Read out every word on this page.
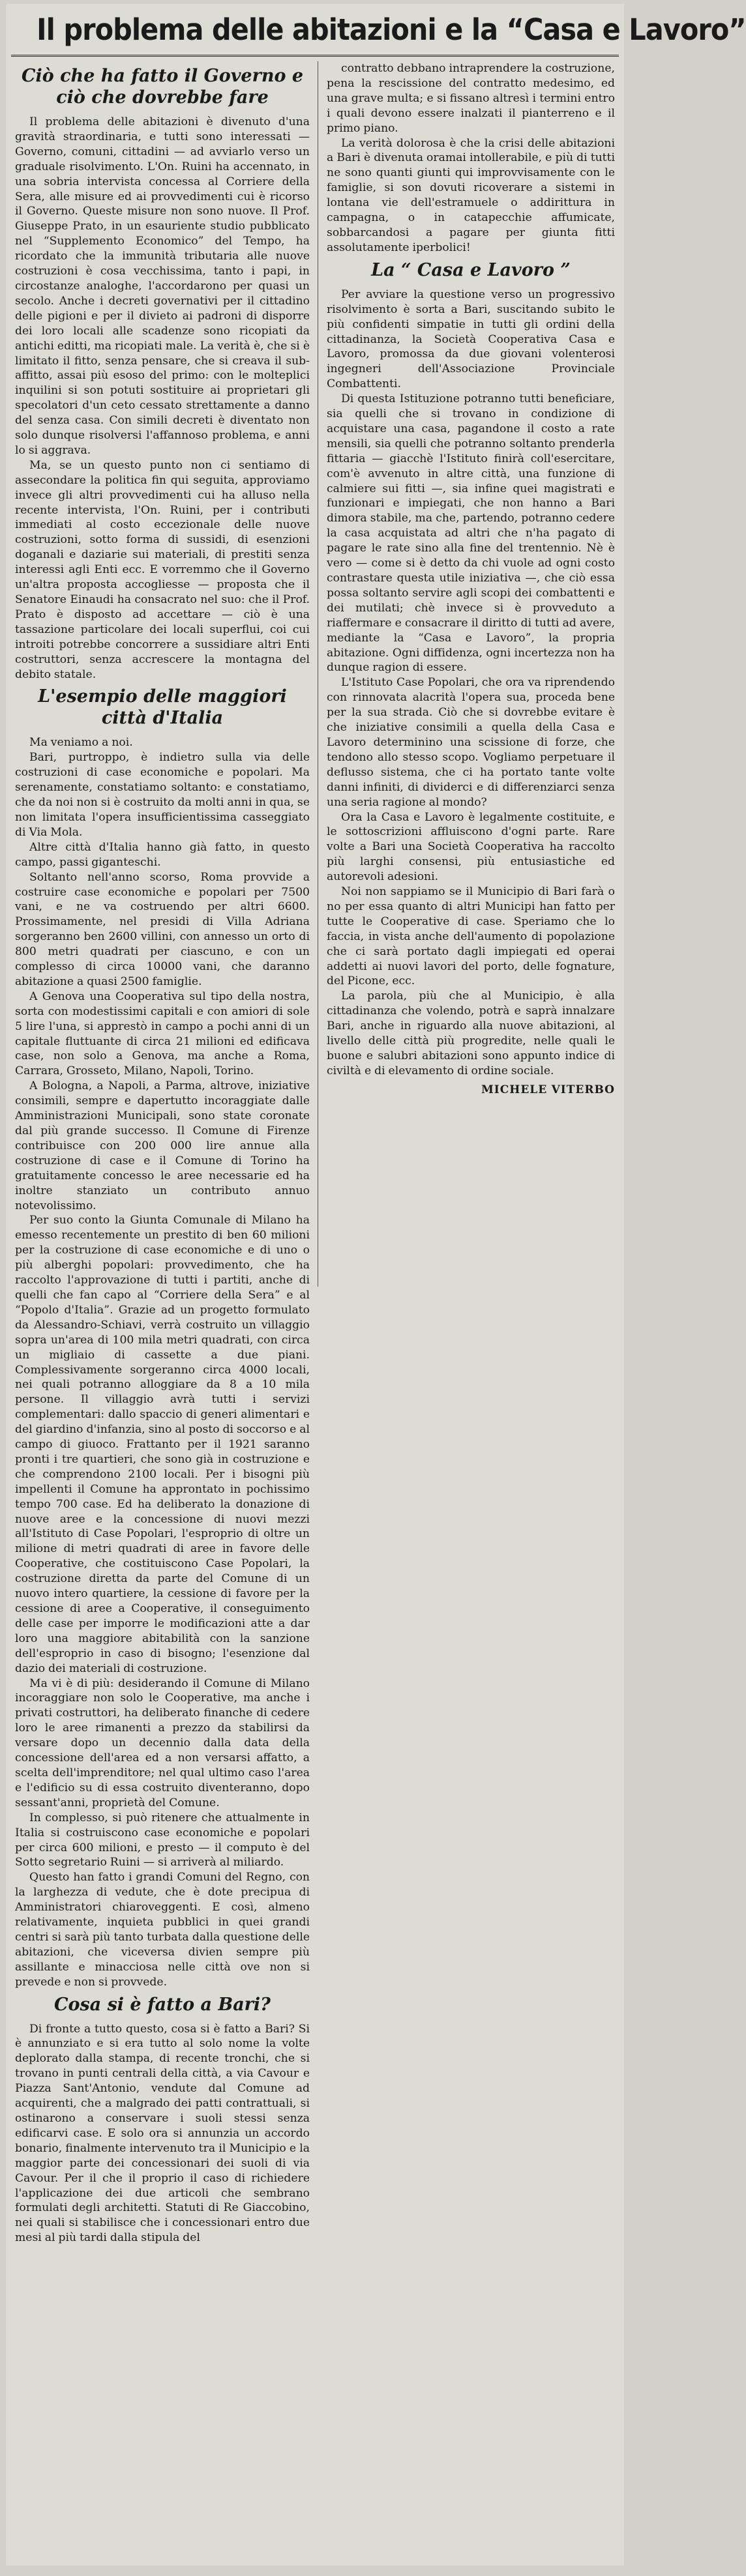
Il problema delle abitazioni e la “Casa e Lavoro”
Ciò che ha fatto il Governo e ciò che dovrebbe fare

Il problema delle abitazioni è divenuto d'una gravità straordinaria, e tutti sono interessati — Governo, comuni, cittadini — ad avviarlo verso un graduale risolvimento. L'On. Ruini ha accennato, in una sobria intervista concessa al Corriere della Sera, alle misure ed ai provvedimenti cui è ricorso il Governo. Queste misure non sono nuove. Il Prof. Giuseppe Prato, in un esauriente studio pubblicato nel “Supplemento Economico” del Tempo, ha ricordato che la immunità tributaria alle nuove costruzioni è cosa vecchissima, tanto i papi, in circostanze analoghe, l'accordarono per quasi un secolo. Anche i decreti governativi per il cittadino delle pigioni e per il divieto ai padroni di disporre dei loro locali alle scadenze sono ricopiati da antichi editti, ma ricopiati male. La verità è, che si è limitato il fitto, senza pensare, che si creava il sub-affitto, assai più esoso del primo: con le molteplici inquilini si son potuti sostituire ai proprietari gli specolatori d'un ceto cessato strettamente a danno del senza casa. Con simili decreti è diventato non solo dunque risolversi l'affannoso problema, e anni lo si aggrava.

Ma, se un questo punto non ci sentiamo di assecondare la politica fin qui seguita, approviamo invece gli altri provvedimenti cui ha alluso nella recente intervista, l'On. Ruini, per i contributi immediati al costo eccezionale delle nuove costruzioni, sotto forma di sussidi, di esenzioni doganali e daziarie sui materiali, di prestiti senza interessi agli Enti ecc. E vorremmo che il Governo un'altra proposta accogliesse — proposta che il Senatore Einaudi ha consacrato nel suo: che il Prof. Prato è disposto ad accettare — ciò è una tassazione particolare dei locali superflui, coi cui introiti potrebbe concorrere a sussidiare altri Enti costruttori, senza accrescere la montagna del debito statale.

L'esempio delle maggiori città d'Italia

Ma veniamo a noi.

Bari, purtroppo, è indietro sulla via delle costruzioni di case economiche e popolari. Ma serenamente, constatiamo soltanto: e constatiamo, che da noi non si è costruito da molti anni in qua, se non limitata l'opera insufficientissima casseggiato di Via Mola.

Altre città d'Italia hanno già fatto, in questo campo, passi giganteschi.

Soltanto nell'anno scorso, Roma provvide a costruire case economiche e popolari per 7500 vani, e ne va costruendo per altri 6600. Prossimamente, nel presidi di Villa Adriana sorgeranno ben 2600 villini, con annesso un orto di 800 metri quadrati per ciascuno, e con un complesso di circa 10000 vani, che daranno abitazione a quasi 2500 famiglie.

A Genova una Cooperativa sul tipo della nostra, sorta con modestissimi capitali e con amiori di sole 5 lire l'una, si apprestò in campo a pochi anni di un capitale fluttuante di circa 21 milioni ed edificava case, non solo a Genova, ma anche a Roma, Carrara, Grosseto, Milano, Napoli, Torino.

A Bologna, a Napoli, a Parma, altrove, iniziative consimili, sempre e dapertutto incoraggiate dalle Amministrazioni Municipali, sono state coronate dal più grande successo. Il Comune di Firenze contribuisce con 200 000 lire annue alla costruzione di case e il Comune di Torino ha gratuitamente concesso le aree necessarie ed ha inoltre stanziato un contributo annuo notevolissimo.

Per suo conto la Giunta Comunale di Milano ha emesso recentemente un prestito di ben 60 milioni per la costruzione di case economiche e di uno o più alberghi popolari: provvedimento, che ha raccolto l'approvazione di tutti i partiti, anche di quelli che fan capo al “Corriere della Sera” e al “Popolo d'Italia”. Grazie ad un progetto formulato da Alessandro-Schiavi, verrà costruito un villaggio sopra un'area di 100 mila metri quadrati, con circa un migliaio di cassette a due piani. Complessivamente sorgeranno circa 4000 locali, nei quali potranno alloggiare da 8 a 10 mila persone. Il villaggio avrà tutti i servizi complementari: dallo spaccio di generi alimentari e del giardino d'infanzia, sino al posto di soccorso e al campo di giuoco. Frattanto per il 1921 saranno pronti i tre quartieri, che sono già in costruzione e che comprendono 2100 locali. Per i bisogni più impellenti il Comune ha approntato in pochissimo tempo 700 case. Ed ha deliberato la donazione di nuove aree e la concessione di nuovi mezzi all'Istituto di Case Popolari, l'esproprio di oltre un milione di metri quadrati di aree in favore delle Cooperative, che costituiscono Case Popolari, la costruzione diretta da parte del Comune di un nuovo intero quartiere, la cessione di favore per la cessione di aree a Cooperative, il conseguimento delle case per imporre le modificazioni atte a dar loro una maggiore abitabilità con la sanzione dell'esproprio in caso di bisogno; l'esenzione dal dazio dei materiali di costruzione.

Ma vi è di più: desiderando il Comune di Milano incoraggiare non solo le Cooperative, ma anche i privati costruttori, ha deliberato finanche di cedere loro le aree rimanenti a prezzo da stabilirsi da versare dopo un decennio dalla data della concessione dell'area ed a non versarsi affatto, a scelta dell'imprenditore; nel qual ultimo caso l'area e l'edificio su di essa costruito diventeranno, dopo sessant'anni, proprietà del Comune.

In complesso, si può ritenere che attualmente in Italia si costruiscono case economiche e popolari per circa 600 milioni, e presto — il computo è del Sotto segretario Ruini — si arriverà al miliardo.

Questo han fatto i grandi Comuni del Regno, con la larghezza di vedute, che è dote precipua di Amministratori chiaroveggenti. E così, almeno relativamente, inquieta pubblici in quei grandi centri si sarà più tanto turbata dalla questione delle abitazioni, che viceversa divien sempre più assillante e minacciosa nelle città ove non si prevede e non si provvede.

Cosa si è fatto a Bari?

Di fronte a tutto questo, cosa si è fatto a Bari? Si è annunziato e si era tutto al solo nome la volte deplorato dalla stampa, di recente tronchi, che si trovano in punti centrali della città, a via Cavour e Piazza Sant'Antonio, vendute dal Comune ad acquirenti, che a malgrado dei patti contrattuali, si ostinarono a conservare i suoli stessi senza edificarvi case. E solo ora si annunzia un accordo bonario, finalmente intervenuto tra il Municipio e la maggior parte dei concessionari dei suoli di via Cavour. Per il che il proprio il caso di richiedere l'applicazione dei due articoli che sembrano formulati degli architetti. Statuti di Re Giaccobino, nei quali si stabilisce che i concessionari entro due mesi al più tardi dalla stipula del

contratto debbano intraprendere la costruzione, pena la rescissione del contratto medesimo, ed una grave multa; e si fissano altresì i termini entro i quali devono essere inalzati il pianterreno e il primo piano.

La verità dolorosa è che la crisi delle abitazioni a Bari è divenuta oramai intollerabile, e più di tutti ne sono quanti giunti qui improvvisamente con le famiglie, si son dovuti ricoverare a sistemi in lontana vie dell'estramuele o addirittura in campagna, o in catapecchie affumicate, sobbarcandosi a pagare per giunta fitti assolutamente iperbolici!

La “ Casa e Lavoro ”

Per avviare la questione verso un progressivo risolvimento è sorta a Bari, suscitando subito le più confidenti simpatie in tutti gli ordini della cittadinanza, la Società Cooperativa Casa e Lavoro, promossa da due giovani volenterosi ingegneri dell'Associazione Provinciale Combattenti.

Di questa Istituzione potranno tutti beneficiare, sia quelli che si trovano in condizione di acquistare una casa, pagandone il costo a rate mensili, sia quelli che potranno soltanto prenderla fittaria — giacchè l'Istituto finirà coll'esercitare, com'è avvenuto in altre città, una funzione di calmiere sui fitti —, sia infine quei magistrati e funzionari e impiegati, che non hanno a Bari dimora stabile, ma che, partendo, potranno cedere la casa acquistata ad altri che n'ha pagato di pagare le rate sino alla fine del trentennio. Nè è vero — come si è detto da chi vuole ad ogni costo contrastare questa utile iniziativa —, che ciò essa possa soltanto servire agli scopi dei combattenti e dei mutilati; chè invece si è provveduto a riaffermare e consacrare il diritto di tutti ad avere, mediante la “Casa e Lavoro”, la propria abitazione. Ogni diffidenza, ogni incertezza non ha dunque ragion di essere.

L'Istituto Case Popolari, che ora va riprendendo con rinnovata alacrità l'opera sua, proceda bene per la sua strada. Ciò che si dovrebbe evitare è che iniziative consimili a quella della Casa e Lavoro determinino una scissione di forze, che tendono allo stesso scopo. Vogliamo perpetuare il deflusso sistema, che ci ha portato tante volte danni infiniti, di dividerci e di differenziarci senza una seria ragione al mondo?

Ora la Casa e Lavoro è legalmente costituite, e le sottoscrizioni affluiscono d'ogni parte. Rare volte a Bari una Società Cooperativa ha raccolto più larghi consensi, più entusiastiche ed autorevoli adesioni.

Noi non sappiamo se il Municipio di Bari farà o no per essa quanto di altri Municipi han fatto per tutte le Cooperative di case. Speriamo che lo faccia, in vista anche dell'aumento di popolazione che ci sarà portato dagli impiegati ed operai addetti ai nuovi lavori del porto, delle fognature, del Picone, ecc.

La parola, più che al Municipio, è alla cittadinanza che volendo, potrà e saprà innalzare Bari, anche in riguardo alla nuove abitazioni, al livello delle città più progredite, nelle quali le buone e salubri abitazioni sono appunto indice di civiltà e di elevamento di ordine sociale.

MICHELE VITERBO
